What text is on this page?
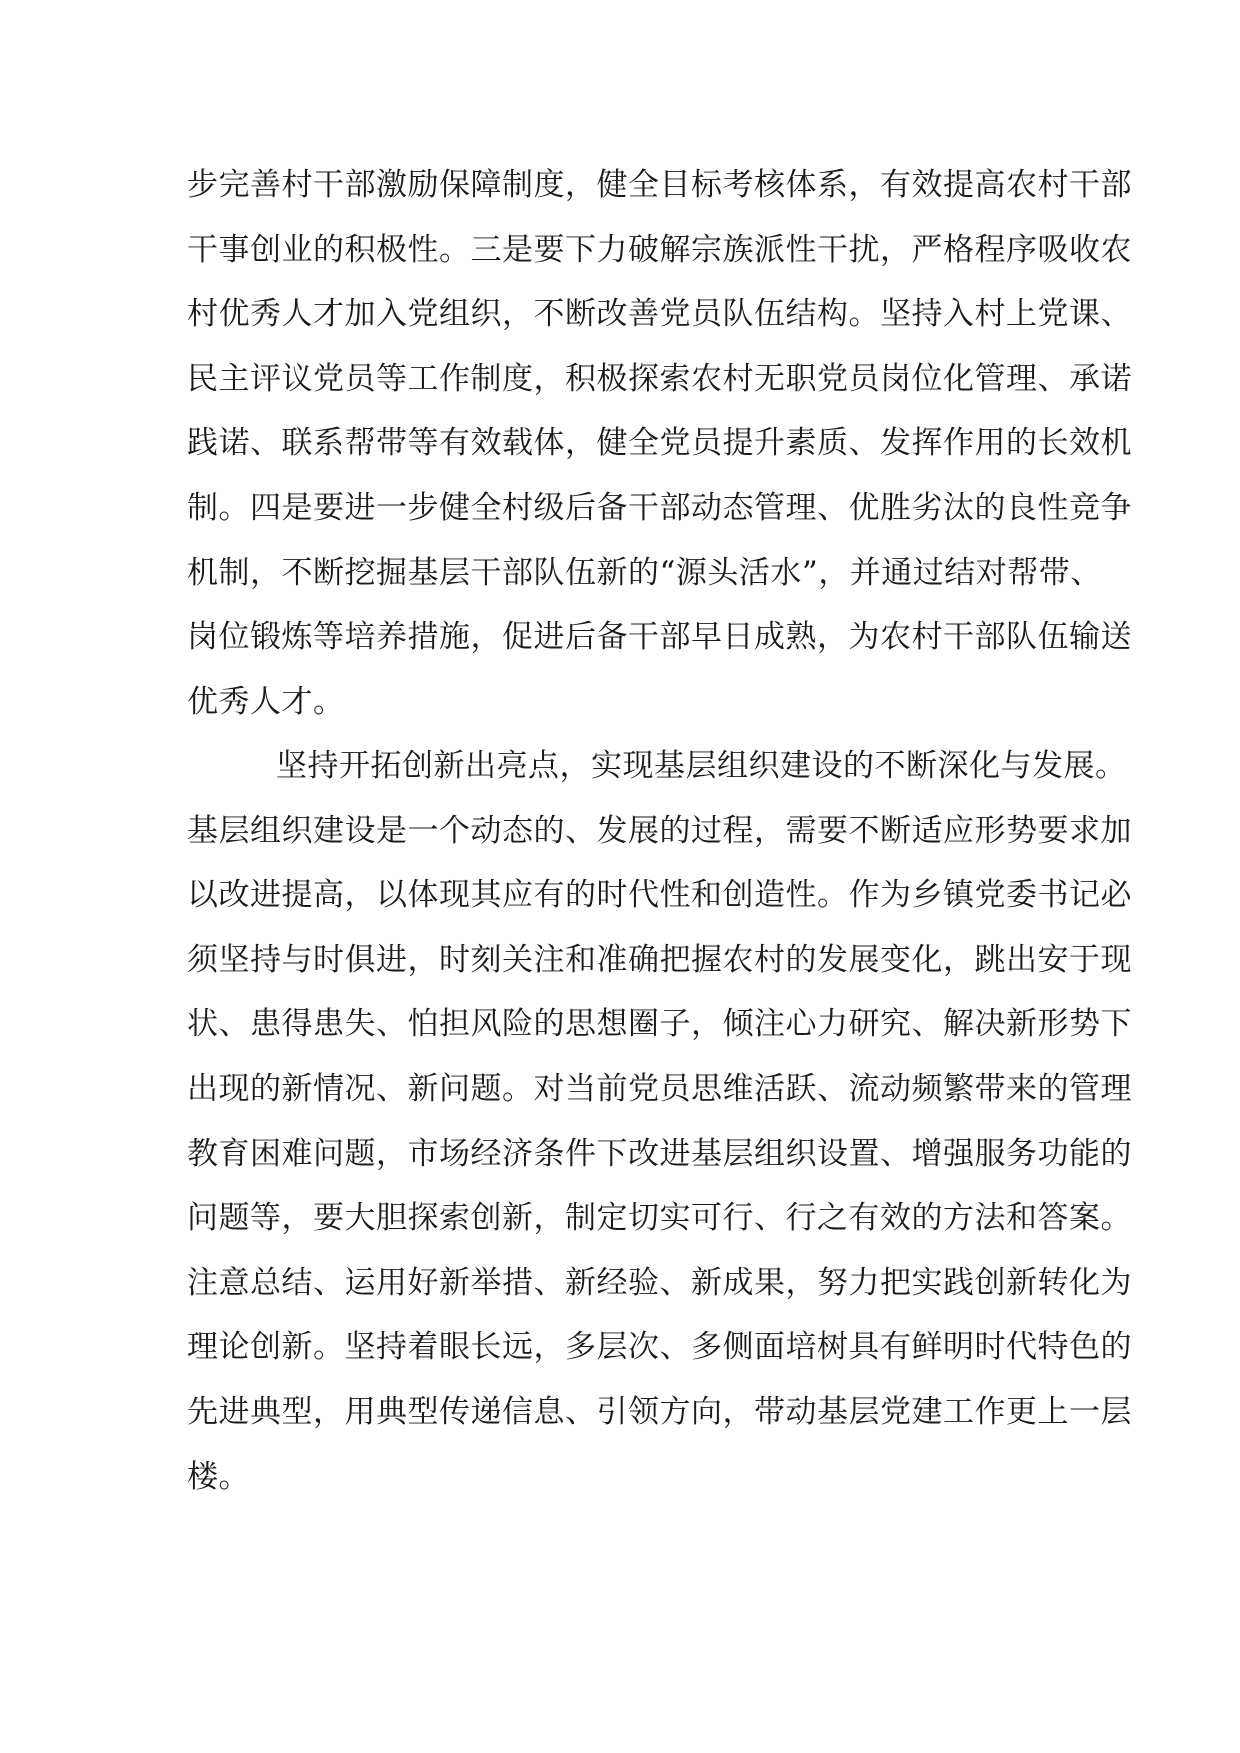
步完善村干部激励保障制度，健全目标考核体系，有效提高农村干部
干事创业的积极性。三是要下力破解宗族派性干扰，严格程序吸收农
村优秀人才加入党组织，不断改善党员队伍结构。坚持入村上党课、
民主评议党员等工作制度，积极探索农村无职党员岗位化管理、承诺
践诺、联系帮带等有效载体，健全党员提升素质、发挥作用的长效机
制。四是要进一步健全村级后备干部动态管理、优胜劣汰的良性竞争
机制，不断挖掘基层干部队伍新的“源头活水”，并通过结对帮带、
岗位锻炼等培养措施，促进后备干部早日成熟，为农村干部队伍输送
优秀人才。
坚持开拓创新出亮点，实现基层组织建设的不断深化与发展。
基层组织建设是一个动态的、发展的过程，需要不断适应形势要求加
以改进提高，以体现其应有的时代性和创造性。作为乡镇党委书记必
须坚持与时俱进，时刻关注和准确把握农村的发展变化，跳出安于现
状、患得患失、怕担风险的思想圈子，倾注心力研究、解决新形势下
出现的新情况、新问题。对当前党员思维活跃、流动频繁带来的管理
教育困难问题，市场经济条件下改进基层组织设置、增强服务功能的
问题等，要大胆探索创新，制定切实可行、行之有效的方法和答案。
注意总结、运用好新举措、新经验、新成果，努力把实践创新转化为
理论创新。坚持着眼长远，多层次、多侧面培树具有鲜明时代特色的
先进典型，用典型传递信息、引领方向，带动基层党建工作更上一层
楼。
